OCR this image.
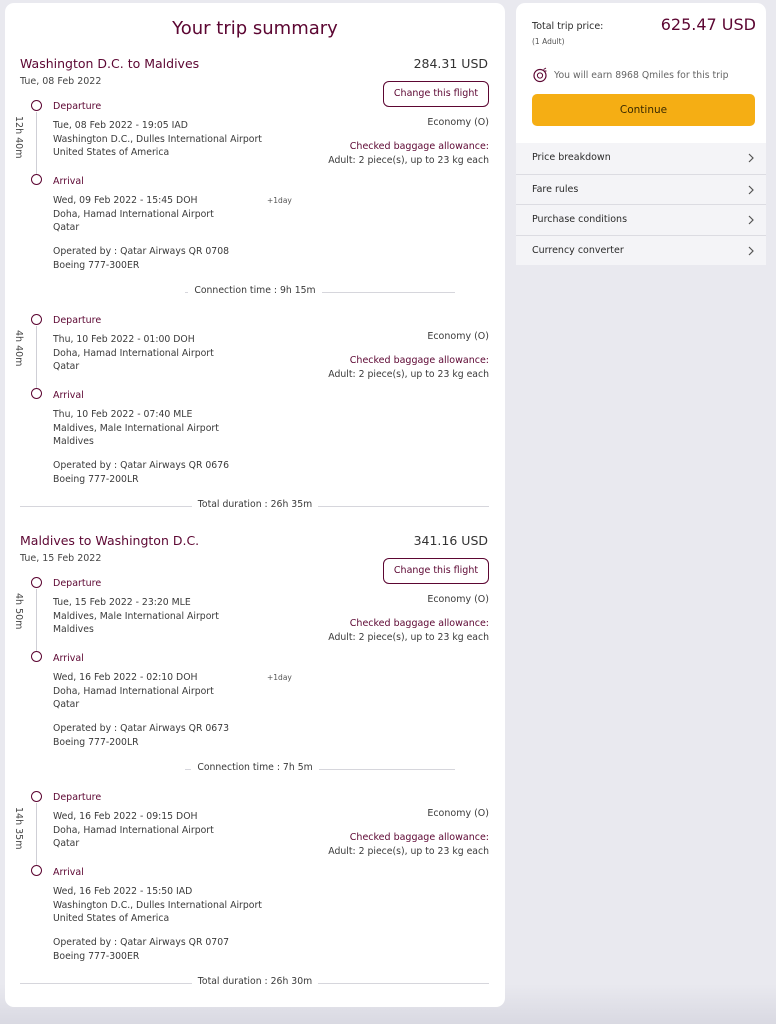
Your trip summary
Washington D.C. to Maldives	284.31 USD
Tue, 08 Feb 2022
Change this flight
12h 40m
Departure
Tue, 08 Feb 2022 - 19:05 IAD
Washington D.C., Dulles International Airport
United States of America
Economy (O)
Checked baggage allowance:
Adult: 2 piece(s), up to 23 kg each
Arrival
Wed, 09 Feb 2022 - 15:45 DOH	+1day
Doha, Hamad International Airport
Qatar
Operated by : Qatar Airways QR 0708
Boeing 777-300ER
Connection time : 9h 15m
4h 40m
Departure
Thu, 10 Feb 2022 - 01:00 DOH
Doha, Hamad International Airport
Qatar
Economy (O)
Checked baggage allowance:
Adult: 2 piece(s), up to 23 kg each
Arrival
Thu, 10 Feb 2022 - 07:40 MLE
Maldives, Male International Airport
Maldives
Operated by : Qatar Airways QR 0676
Boeing 777-200LR
Total duration : 26h 35m
Maldives to Washington D.C.	341.16 USD
Tue, 15 Feb 2022
Change this flight
4h 50m
Departure
Tue, 15 Feb 2022 - 23:20 MLE
Maldives, Male International Airport
Maldives
Economy (O)
Checked baggage allowance:
Adult: 2 piece(s), up to 23 kg each
Arrival
Wed, 16 Feb 2022 - 02:10 DOH	+1day
Doha, Hamad International Airport
Qatar
Operated by : Qatar Airways QR 0673
Boeing 777-200LR
Connection time : 7h 5m
14h 35m
Departure
Wed, 16 Feb 2022 - 09:15 DOH
Doha, Hamad International Airport
Qatar
Economy (O)
Checked baggage allowance:
Adult: 2 piece(s), up to 23 kg each
Arrival
Wed, 16 Feb 2022 - 15:50 IAD
Washington D.C., Dulles International Airport
United States of America
Operated by : Qatar Airways QR 0707
Boeing 777-300ER
Total duration : 26h 30m
Total trip price:
(1 Adult)
625.47 USD
You will earn 8968 Qmiles for this trip
Continue
Price breakdown
Fare rules
Purchase conditions
Currency converter
